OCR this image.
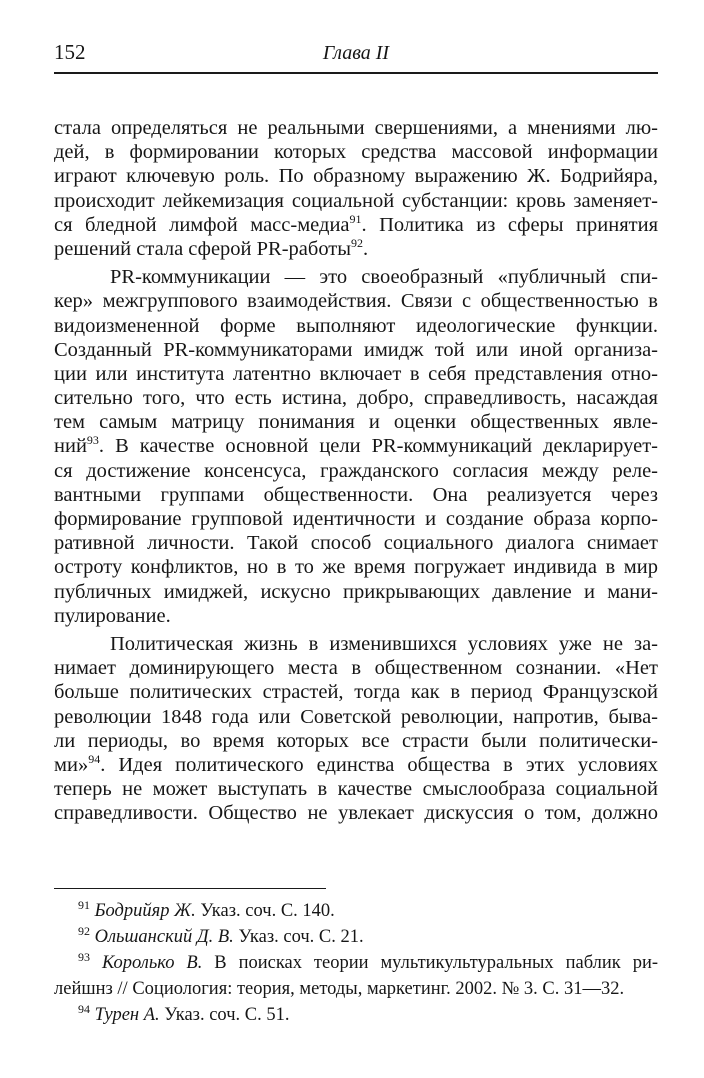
152	Глава II
стала определяться не реальными свершениями, а мнениями лю-
дей, в формировании которых средства массовой информации
играют ключевую роль. По образному выражению Ж. Бодрийяра,
происходит лейкемизация социальной субстанции: кровь заменяет-
ся бледной лимфой масс-медиа$^{91}$. Политика из сферы принятия
решений стала сферой PR-работы$^{92}$.
PR-коммуникации — это своеобразный «публичный спи-
кер» межгруппового взаимодействия. Связи с общественностью в
видоизмененной форме выполняют идеологические функции.
Созданный PR-коммуникаторами имидж той или иной организа-
ции или института латентно включает в себя представления отно-
сительно того, что есть истина, добро, справедливость, насаждая
тем самым матрицу понимания и оценки общественных явле-
ний$^{93}$. В качестве основной цели PR-коммуникаций декларирует-
ся достижение консенсуса, гражданского согласия между реле-
вантными группами общественности. Она реализуется через
формирование групповой идентичности и создание образа корпо-
ративной личности. Такой способ социального диалога снимает
остроту конфликтов, но в то же время погружает индивида в мир
публичных имиджей, искусно прикрывающих давление и мани-
пулирование.
Политическая жизнь в изменившихся условиях уже не за-
нимает доминирующего места в общественном сознании. «Нет
больше политических страстей, тогда как в период Французской
революции 1848 года или Советской революции, напротив, быва-
ли периоды, во время которых все страсти были политически-
ми»$^{94}$. Идея политического единства общества в этих условиях
теперь не может выступать в качестве смыслообраза социальной
справедливости. Общество не увлекает дискуссия о том, должно
$^{91}$ Бодрийяр Ж. Указ. соч. С. 140.
$^{92}$ Ольшанский Д. В. Указ. соч. С. 21.
$^{93}$ Королько В. В поисках теории мультикультуральных паблик ри-
лейшнз // Социология: теория, методы, маркетинг. 2002. № 3. С. 31—32.
$^{94}$ Турен А. Указ. соч. С. 51.
